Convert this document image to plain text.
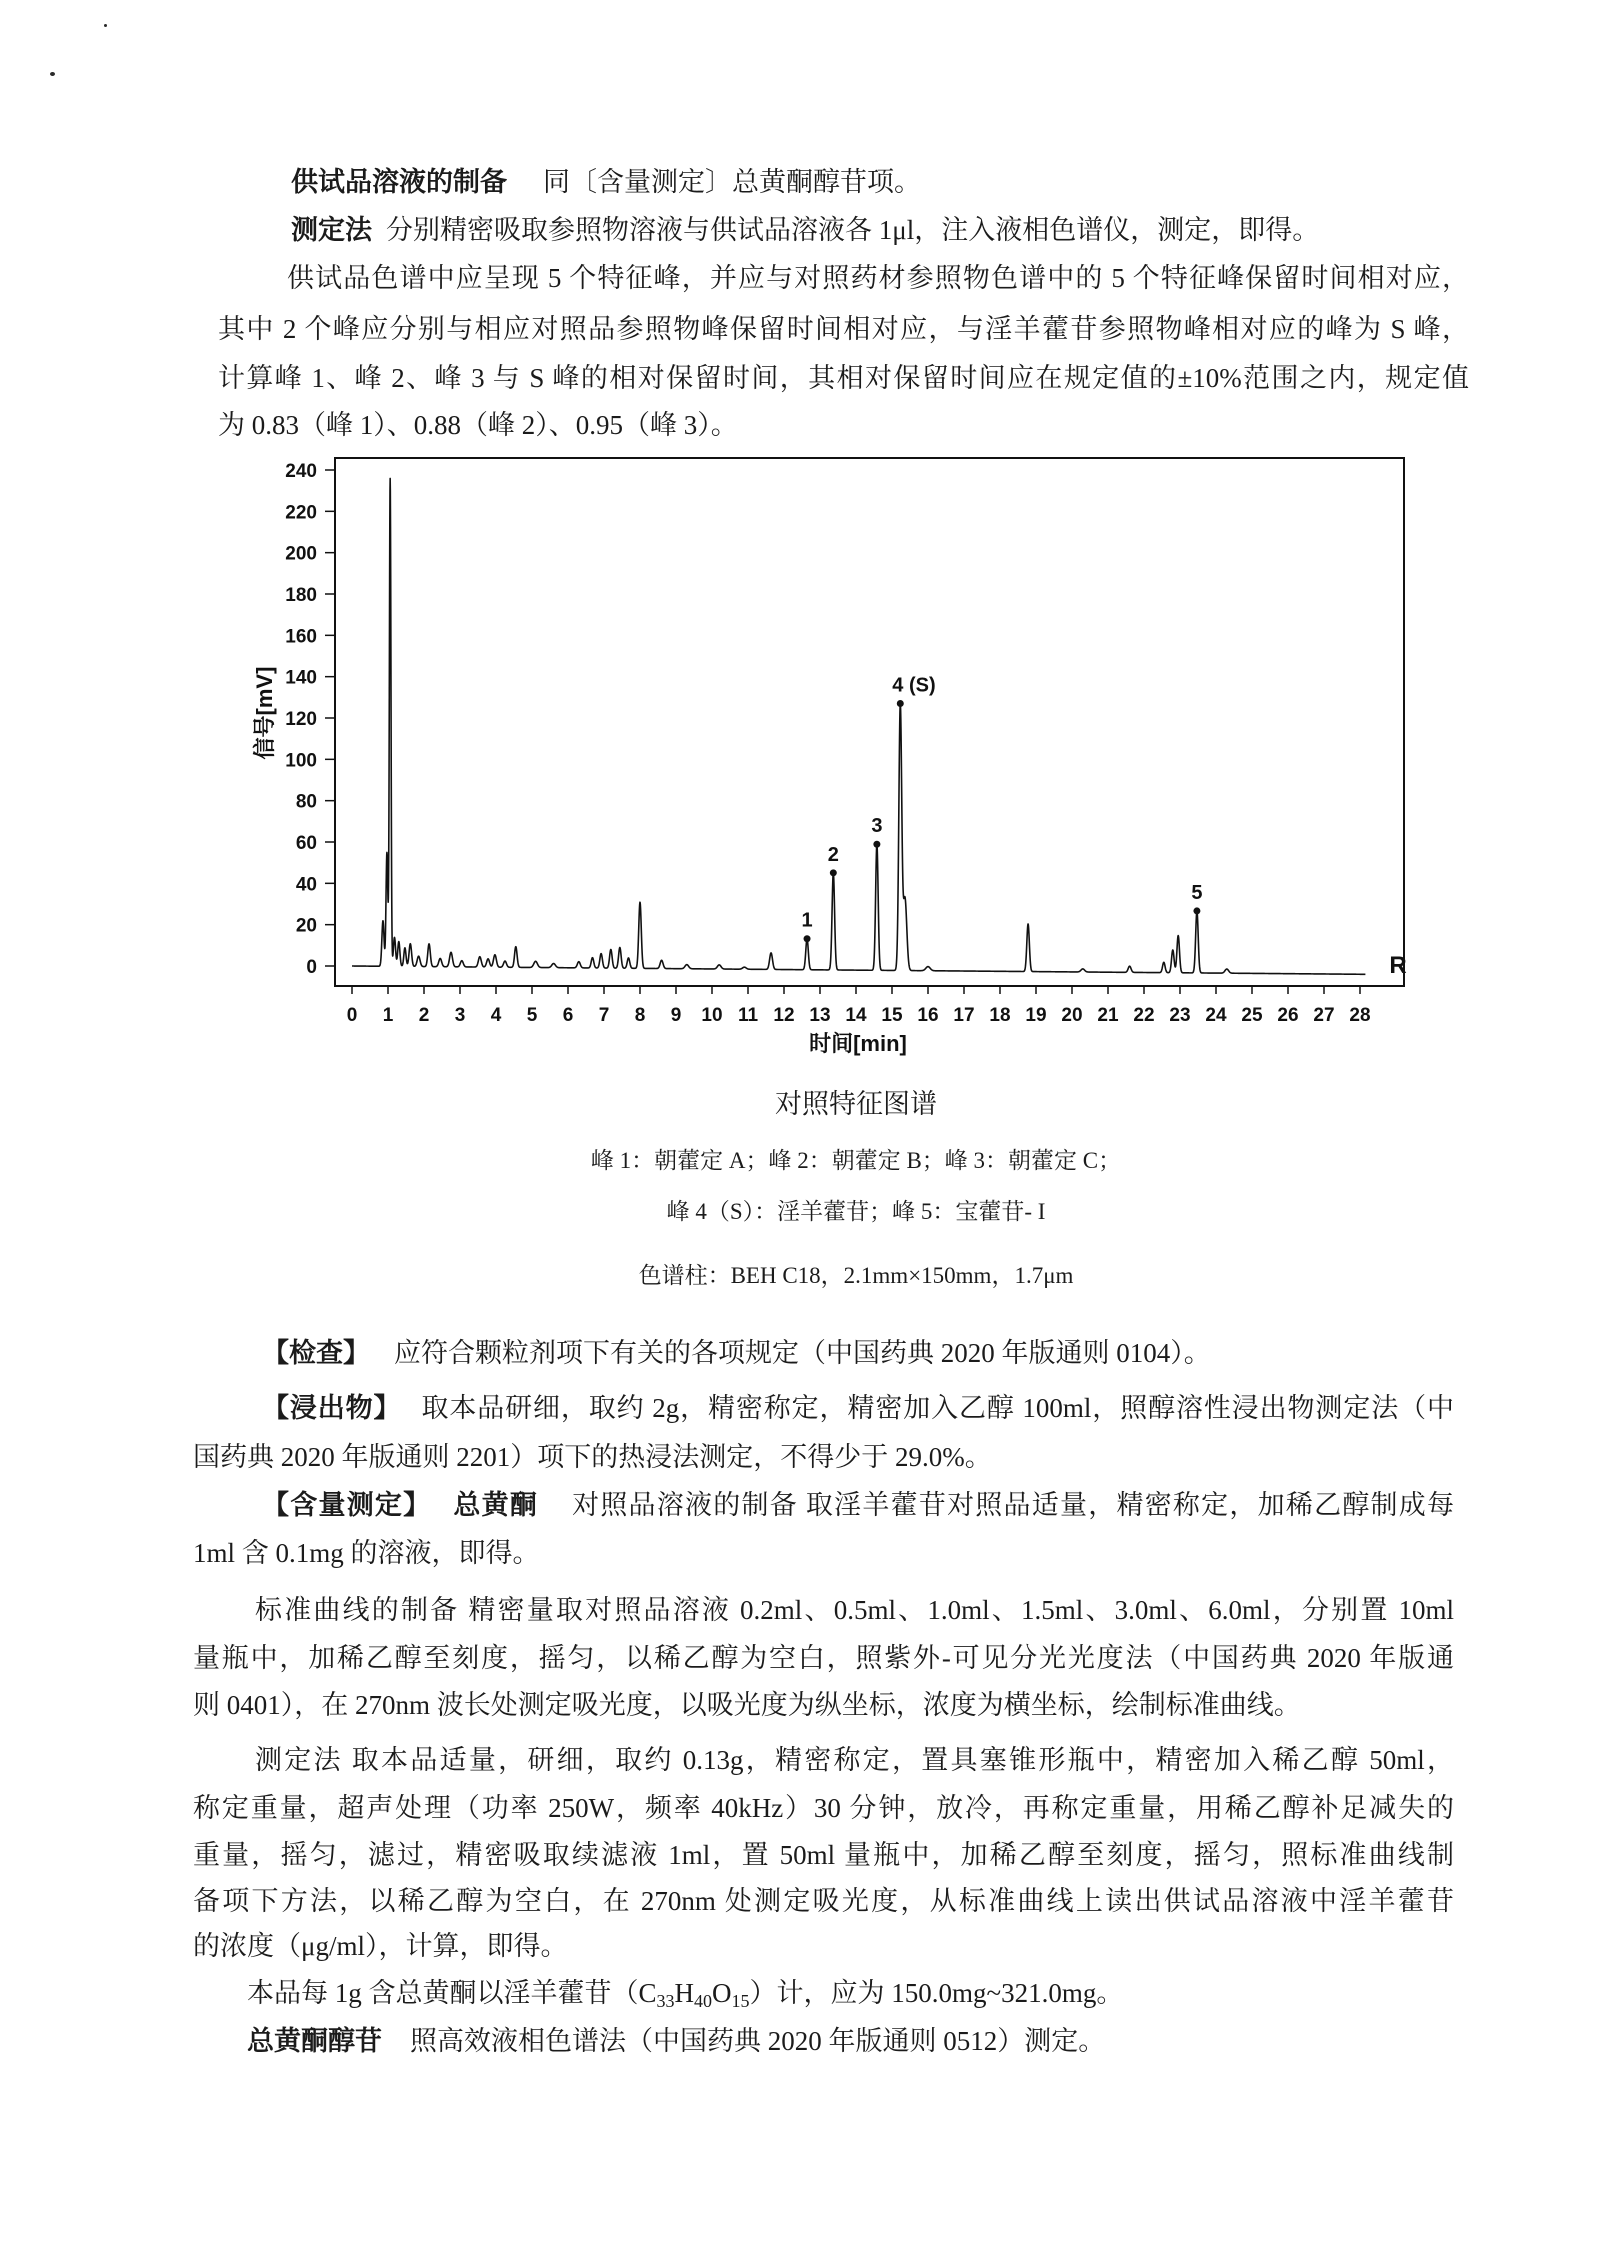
供试品溶液的制备 同〔含量测定〕总黄酮醇苷项。
测定法 分别精密吸取参照物溶液与供试品溶液各 1μl，注入液相色谱仪，测定，即得。
供试品色谱中应呈现 5 个特征峰，并应与对照药材参照物色谱中的 5 个特征峰保留时间相对应，
其中 2 个峰应分别与相应对照品参照物峰保留时间相对应，与淫羊藿苷参照物峰相对应的峰为 S 峰，
计算峰 1、峰 2、峰 3 与 S 峰的相对保留时间，其相对保留时间应在规定值的±10%范围之内，规定值
为 0.83（峰 1）、0.88（峰 2）、0.95（峰 3）。
信号[mV]
时间[min]
R
0
20
40
60
80
100
120
140
160
180
200
220
240
0 1 2 3 4 5 6 7 8 9 10 11 12 13 14 15 16 17 18 19 20 21 22 23 24 25 26 27 28
1
2
3
4 (S)
5
对照特征图谱
峰 1：朝藿定 A；峰 2：朝藿定 B；峰 3：朝藿定 C；
峰 4（S）：淫羊藿苷；峰 5：宝藿苷- I
色谱柱：BEH C18，2.1mm×150mm，1.7μm
【检查】 应符合颗粒剂项下有关的各项规定（中国药典 2020 年版通则 0104）。
【浸出物】 取本品研细，取约 2g，精密称定，精密加入乙醇 100ml，照醇溶性浸出物测定法（中
国药典 2020 年版通则 2201）项下的热浸法测定，不得少于 29.0%。
【含量测定】 总黄酮 对照品溶液的制备 取淫羊藿苷对照品适量，精密称定，加稀乙醇制成每
1ml 含 0.1mg 的溶液，即得。
标准曲线的制备 精密量取对照品溶液 0.2ml、0.5ml、1.0ml、1.5ml、3.0ml、6.0ml，分别置 10ml
量瓶中，加稀乙醇至刻度，摇匀，以稀乙醇为空白，照紫外-可见分光光度法（中国药典 2020 年版通
则 0401），在 270nm 波长处测定吸光度，以吸光度为纵坐标，浓度为横坐标，绘制标准曲线。
测定法 取本品适量，研细，取约 0.13g，精密称定，置具塞锥形瓶中，精密加入稀乙醇 50ml，
称定重量，超声处理（功率 250W，频率 40kHz）30 分钟，放冷，再称定重量，用稀乙醇补足减失的
重量，摇匀，滤过，精密吸取续滤液 1ml，置 50ml 量瓶中，加稀乙醇至刻度，摇匀，照标准曲线制
备项下方法，以稀乙醇为空白，在 270nm 处测定吸光度，从标准曲线上读出供试品溶液中淫羊藿苷
的浓度（μg/ml），计算，即得。
本品每 1g 含总黄酮以淫羊藿苷$(C_{33}H_{40}O_{15})$计，应为 150.0mg~321.0mg。
总黄酮醇苷 照高效液相色谱法（中国药典 2020 年版通则 0512）测定。
